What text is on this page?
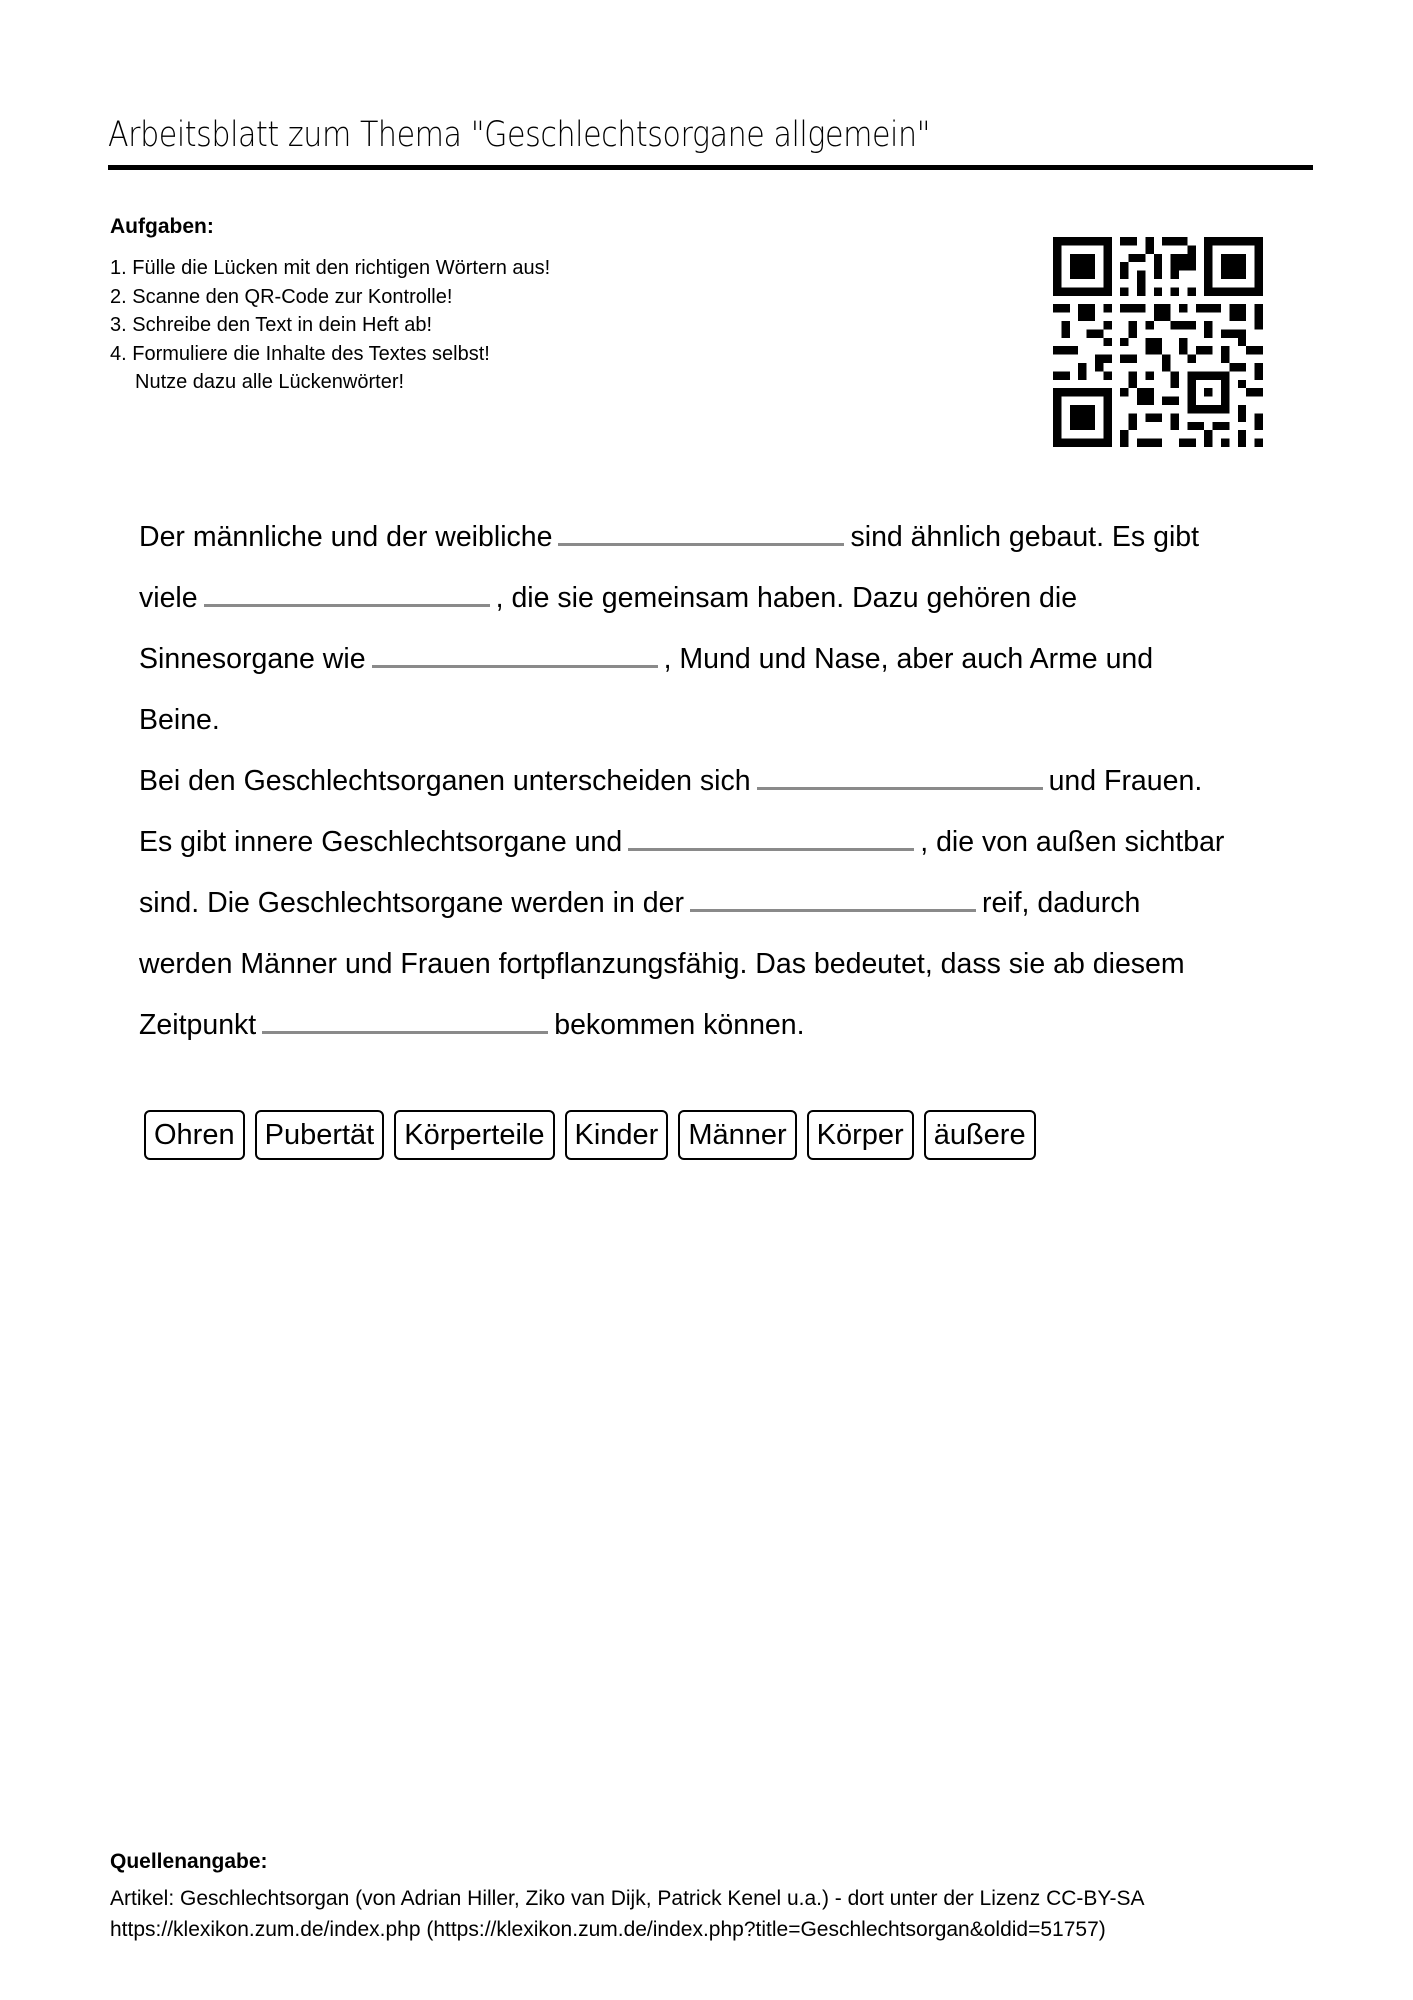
Arbeitsblatt zum Thema "Geschlechtsorgane allgemein"
Aufgaben:
1. Fülle die Lücken mit den richtigen Wörtern aus!
2. Scanne den QR-Code zur Kontrolle!
3. Schreibe den Text in dein Heft ab!
4. Formuliere die Inhalte des Textes selbst!
Nutze dazu alle Lückenwörter!
Der männliche und der weibliche	sind ähnlich gebaut. Es gibt
viele	, die sie gemeinsam haben. Dazu gehören die
Sinnesorgane wie	, Mund und Nase, aber auch Arme und
Beine.
Bei den Geschlechtsorganen unterscheiden sich	und Frauen.
Es gibt innere Geschlechtsorgane und	, die von außen sichtbar
sind. Die Geschlechtsorgane werden in der	reif, dadurch
werden Männer und Frauen fortpflanzungsfähig. Das bedeutet, dass sie ab diesem
Zeitpunkt	bekommen können.
Ohren	Pubertät	Körperteile	Kinder	Männer	Körper	äußere
Quellenangabe:
Artikel: Geschlechtsorgan (von Adrian Hiller, Ziko van Dijk, Patrick Kenel u.a.) - dort unter der Lizenz CC-BY-SA
https://klexikon.zum.de/index.php (https://klexikon.zum.de/index.php?title=Geschlechtsorgan&oldid=51757)
